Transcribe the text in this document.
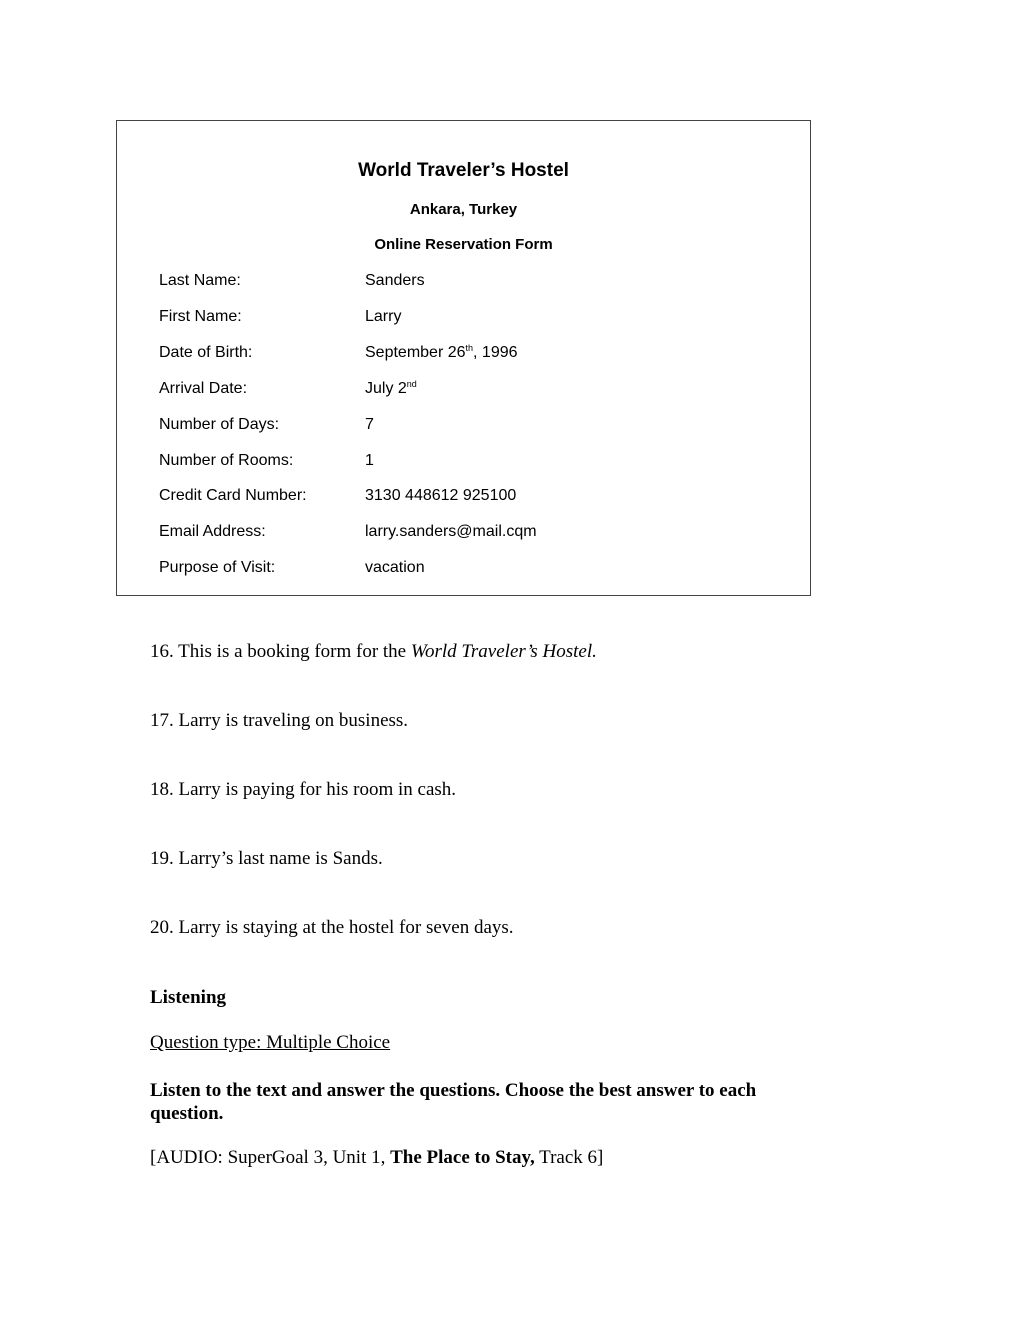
World Traveler’s Hostel
Ankara, Turkey
Online Reservation Form
Last Name:	Sanders
First Name:	Larry
Date of Birth:	September 26th, 1996
Arrival Date:	July 2nd
Number of Days:	7
Number of Rooms:	1
Credit Card Number:	3130 448612 925100
Email Address:	larry.sanders@mail.cqm
Purpose of Visit:	vacation
16. This is a booking form for the World Traveler’s Hostel.
17. Larry is traveling on business.
18. Larry is paying for his room in cash.
19. Larry’s last name is Sands.
20. Larry is staying at the hostel for seven days.
Listening
Question type: Multiple Choice
Listen to the text and answer the questions. Choose the best answer to each question.
[AUDIO: SuperGoal 3, Unit 1, The Place to Stay, Track 6]
